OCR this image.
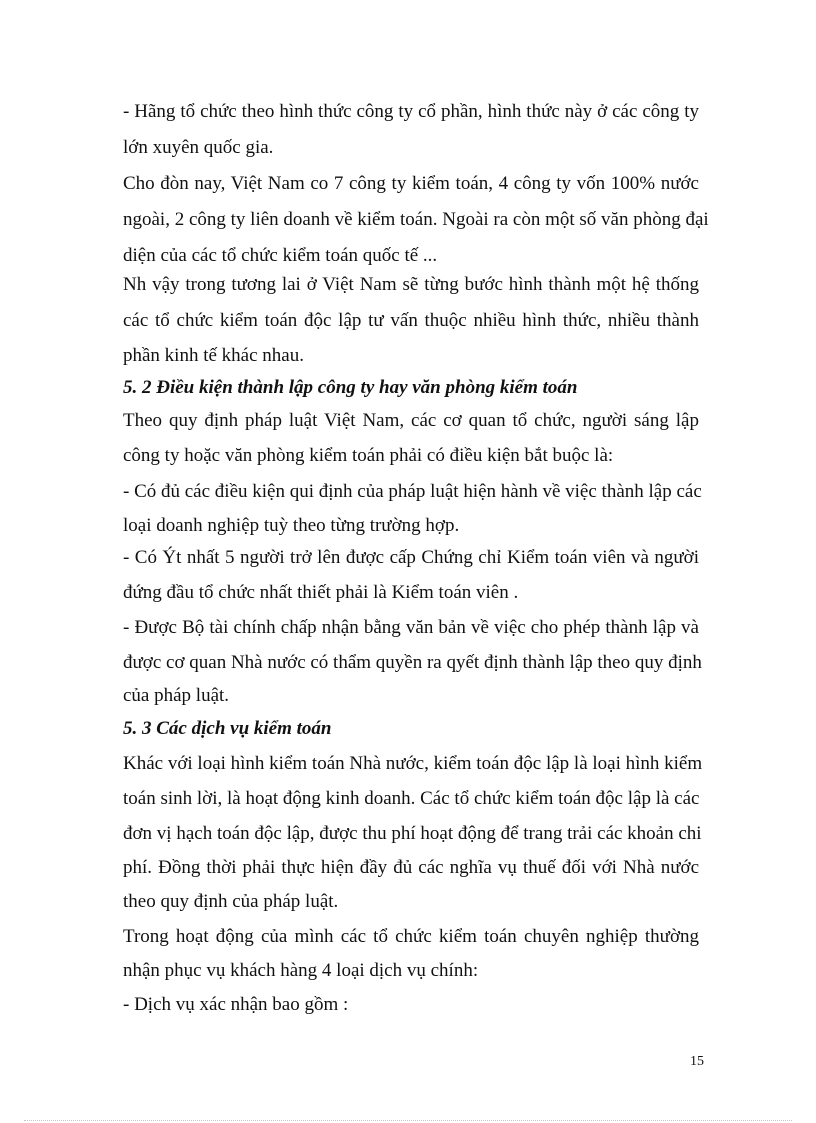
- Hãng tổ chức theo hình thức công ty cổ phần, hình thức này ở các công ty
lớn xuyên quốc gia.
Cho đòn nay, Việt Nam co 7 công ty kiểm toán, 4 công ty vốn 100% nước
ngoài, 2 công ty liên doanh về kiểm toán. Ngoài ra còn một số văn phòng đại
diện của các tổ chức kiểm toán quốc tế ...
Nh vậy trong tương lai ở Việt Nam sẽ từng bước hình thành một hệ thống
các tổ chức kiểm toán độc lập tư vấn thuộc nhiều hình thức, nhiều thành
phần kinh tế khác nhau.
5. 2 Điều kiện thành lập công ty hay văn phòng kiểm toán
Theo quy định pháp luật Việt Nam, các cơ quan tổ chức, người sáng lập
công ty hoặc văn phòng kiểm toán phải có điều kiện bắt buộc là:
- Có đủ các điều kiện qui định của pháp luật hiện hành về việc thành lập các
loại doanh nghiệp tuỳ theo từng trường hợp.
- Có Ýt nhất 5 người trở lên được cấp Chứng chỉ Kiểm toán viên và người
đứng đầu tổ chức nhất thiết phải là Kiểm toán viên .
- Được Bộ tài chính chấp nhận bằng văn bản về việc cho phép thành lập và
được cơ quan Nhà nước có thẩm quyền ra qyết định thành lập theo quy định
của pháp luật.
5. 3 Các dịch vụ kiểm toán
Khác với loại hình kiểm toán Nhà nước, kiểm toán độc lập là loại hình kiểm
toán sinh lời, là hoạt động kinh doanh. Các tổ chức kiểm toán độc lập là các
đơn vị hạch toán độc lập, được thu phí hoạt động để trang trải các khoản chi
phí. Đồng thời phải thực hiện đầy đủ các nghĩa vụ thuế đối với Nhà nước
theo quy định của pháp luật.
Trong hoạt động của mình các tổ chức kiểm toán chuyên nghiệp thường
nhận phục vụ khách hàng 4 loại dịch vụ chính:
- Dịch vụ xác nhận bao gồm :
15
